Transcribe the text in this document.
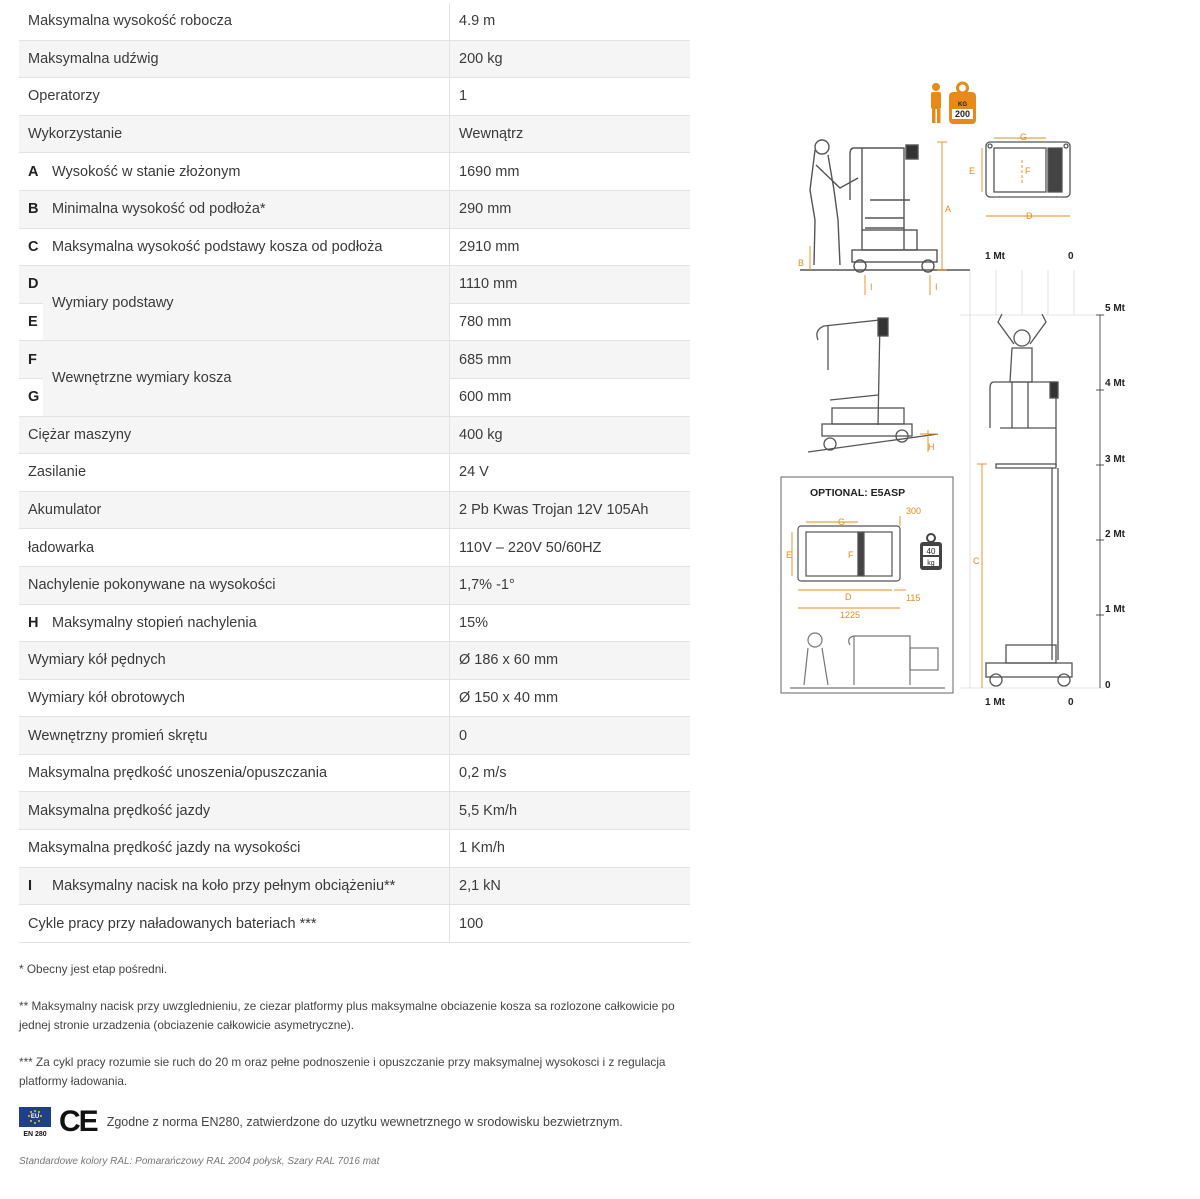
Maksymalna wysokość robocza		4.9 m
Maksymalna udźwig		200 kg
Operatorzy		1
Wykorzystanie		Wewnątrz
A	Wysokość w stanie złożonym	1690 mm
B	Minimalna wysokość od podłoża*	290 mm
C	Maksymalna wysokość podstawy kosza od podłoża	2910 mm
D	Wymiary podstawy	1110 mm
E		780 mm
F	Wewnętrzne wymiary kosza	685 mm
G		600 mm
Ciężar maszyny		400 kg
Zasilanie		24 V
Akumulator		2 Pb Kwas Trojan 12V 105Ah
ładowarka		110V – 220V 50/60HZ
Nachylenie pokonywane na wysokości		1,7% -1°
H	Maksymalny stopień nachylenia	15%
Wymiary kół pędnych		Ø 186 x 60 mm
Wymiary kół obrotowych		Ø 150 x 40 mm
Wewnętrzny promień skrętu		0
Maksymalna prędkość unoszenia/opuszczania		0,2 m/s
Maksymalna prędkość jazdy		5,5 Km/h
Maksymalna prędkość jazdy na wysokości		1 Km/h
I	Maksymalny nacisk na koło przy pełnym obciążeniu**	2,1 kN
Cykle pracy przy naładowanych bateriach ***		100
* Obecny jest etap pośredni.
** Maksymalny nacisk przy uwzglednieniu, ze ciezar platformy plus maksymalne obciazenie kosza sa rozlozone całkowicie po jednej stronie urzadzenia (obciazenie całkowicie asymetryczne).
*** Za cykl pracy rozumie sie ruch do 20 m oraz pełne podnoszenie i opuszczanie przy maksymalnej wysokosci i z regulacja platformy ładowania.
EU
EN 280 CE Zgodne z norma EN280, zatwierdzone do uzytku wewnetrznego w srodowisku bezwietrznym.
Standardowe kolory RAL: Pomarańczowy RAL 2004 połysk, Szary RAL 7016 mat
KG
200
A
B
I	I
G
E	F
D
H
OPTIONAL: E5ASP
G
E	F
D
300
115
1225
40
kg
1 Mt	0
5 Mt
4 Mt
3 Mt
2 Mt
1 Mt
0
1 Mt	0
C
